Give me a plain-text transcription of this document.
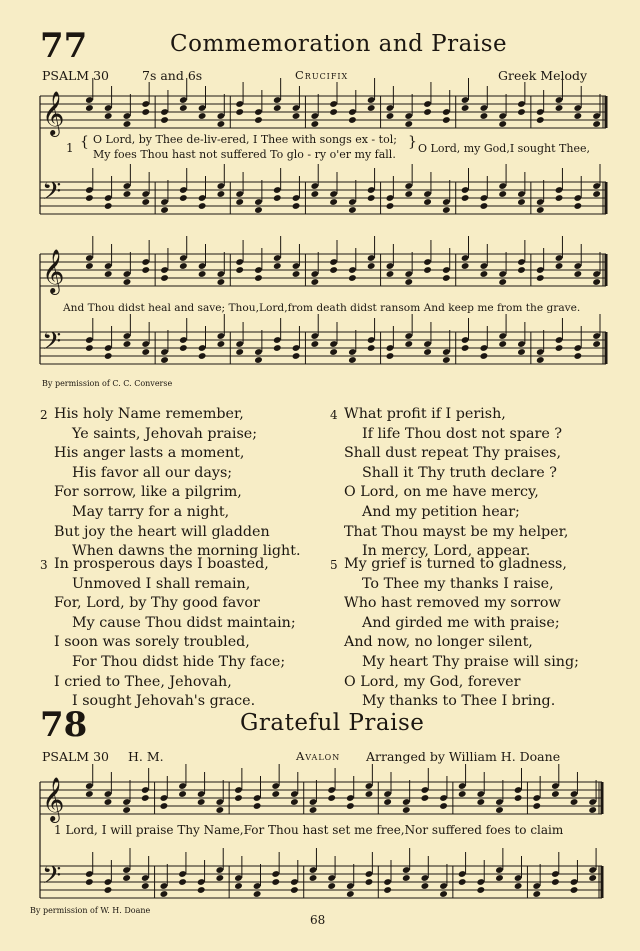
77	Commemoration and Praise
PSALM 30	7s and 6s	Crucifix	Greek Melody
𝄞
𝄢
𝄞
𝄢
𝄞
𝄢
1 { O Lord, by Thee de-liv-ered, I Thee with songs ex - tol;
My foes Thou hast not suffered To glo - ry o'er my fall.
} O Lord, my God,I sought Thee,
And Thou didst heal and save; Thou,Lord,from death didst ransom And keep me from the grave.
By permission of C. C. Converse
2 His holy Name remember,
Ye saints, Jehovah praise;
His anger lasts a moment,
His favor all our days;
For sorrow, like a pilgrim,
May tarry for a night,
But joy the heart will gladden
When dawns the morning light.
3 In prosperous days I boasted,
Unmoved I shall remain,
For, Lord, by Thy good favor
My cause Thou didst maintain;
I soon was sorely troubled,
For Thou didst hide Thy face;
I cried to Thee, Jehovah,
I sought Jehovah's grace.
4 What profit if I perish,
If life Thou dost not spare ?
Shall dust repeat Thy praises,
Shall it Thy truth declare ?
O Lord, on me have mercy,
And my petition hear;
That Thou mayst be my helper,
In mercy, Lord, appear.
5 My grief is turned to gladness,
To Thee my thanks I raise,
Who hast removed my sorrow
And girded me with praise;
And now, no longer silent,
My heart Thy praise will sing;
O Lord, my God, forever
My thanks to Thee I bring.
78	Grateful Praise
PSALM 30 H. M.	Avalon Arranged by William H. Doane
1 Lord, I will praise Thy Name,For Thou hast set me free,Nor suffered foes to claim
By permission of W. H. Doane
68
